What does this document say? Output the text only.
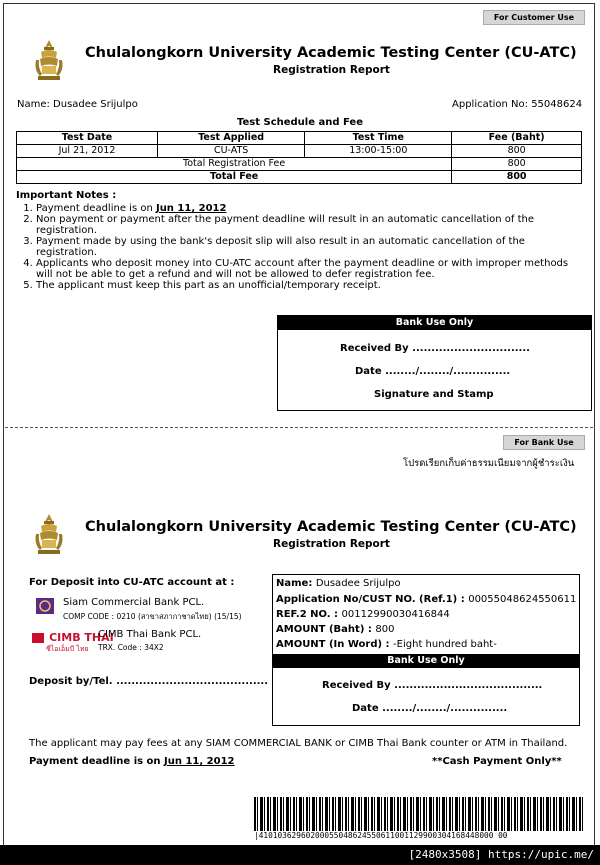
For Customer Use
Chulalongkorn University Academic Testing Center (CU-ATC)
Registration Report
Name: Dusadee Srijulpo	Application No: 55048624
Test Schedule and Fee
Test Date	Test Applied	Test Time	Fee (Baht)
Jul 21, 2012	CU-ATS	13:00-15:00	800
Total Registration Fee			800
Total Fee			800
Important Notes :
1. Payment deadline is on Jun 11, 2012
2. Non payment or payment after the payment deadline will result in an automatic cancellation of the registration.
3. Payment made by using the bank's deposit slip will also result in an automatic cancellation of the registration.
4. Applicants who deposit money into CU-ATC account after the payment deadline or with improper methods will not be able to get a refund and will not be allowed to defer registration fee.
5. The applicant must keep this part as an unofficial/temporary receipt.
Bank Use Only
Received By ...............................
Date ......../......../...............
Signature and Stamp
For Bank Use
โปรดเรียกเก็บค่าธรรมเนียมจากผู้ชำระเงิน
Chulalongkorn University Academic Testing Center (CU-ATC)
Registration Report
For Deposit into CU-ATC account at :
Siam Commercial Bank PCL.
COMP CODE : 0210 (สาขาสภากาชาดไทย) (15/15)
CIMB THAI
ซีไอเอ็มบี ไทย
CIMB Thai Bank PCL.
TRX. Code : 34X2
Deposit by/Tel. ........................................
Name: Dusadee Srijulpo
Application No/CUST NO. (Ref.1) : 00055048624550611
REF.2 NO. : 00112990030416844
AMOUNT (Baht) : 800
AMOUNT (In Word) : -Eight hundred baht-
Bank Use Only
Received By .......................................
Date ......../......../...............
The applicant may pay fees at any SIAM COMMERCIAL BANK or CIMB Thai Bank counter or ATM in Thailand.
Payment deadline is on Jun 11, 2012	**Cash Payment Only**
|41010362960200055048624550611001129900304168448000 00
[2480x3508] https://upic.me/
